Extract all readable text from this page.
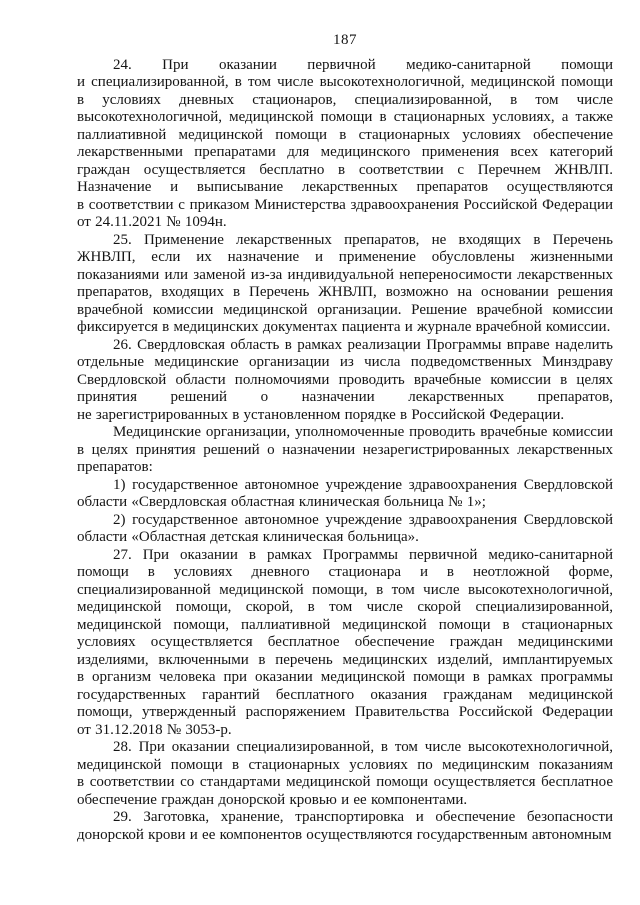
187

24. При оказании первичной медико-санитарной помощи и специализированной, в том числе высокотехнологичной, медицинской помощи в условиях дневных стационаров, специализированной, в том числе высокотехнологичной, медицинской помощи в стационарных условиях, а также паллиативной медицинской помощи в стационарных условиях обеспечение лекарственными препаратами для медицинского применения всех категорий граждан осуществляется бесплатно в соответствии с Перечнем ЖНВЛП. Назначение и выписывание лекарственных препаратов осуществляются в соответствии с приказом Министерства здравоохранения Российской Федерации от 24.11.2021 № 1094н.

25. Применение лекарственных препаратов, не входящих в Перечень ЖНВЛП, если их назначение и применение обусловлены жизненными показаниями или заменой из-за индивидуальной непереносимости лекарственных препаратов, входящих в Перечень ЖНВЛП, возможно на основании решения врачебной комиссии медицинской организации. Решение врачебной комиссии фиксируется в медицинских документах пациента и журнале врачебной комиссии.

26. Свердловская область в рамках реализации Программы вправе наделить отдельные медицинские организации из числа подведомственных Минздраву Свердловской области полномочиями проводить врачебные комиссии в целях принятия решений о назначении лекарственных препаратов, не зарегистрированных в установленном порядке в Российской Федерации.

Медицинские организации, уполномоченные проводить врачебные комиссии в целях принятия решений о назначении незарегистрированных лекарственных препаратов:

1) государственное автономное учреждение здравоохранения Свердловской области «Свердловская областная клиническая больница № 1»;

2) государственное автономное учреждение здравоохранения Свердловской области «Областная детская клиническая больница».

27. При оказании в рамках Программы первичной медико-санитарной помощи в условиях дневного стационара и в неотложной форме, специализированной медицинской помощи, в том числе высокотехнологичной, медицинской помощи, скорой, в том числе скорой специализированной, медицинской помощи, паллиативной медицинской помощи в стационарных условиях осуществляется бесплатное обеспечение граждан медицинскими изделиями, включенными в перечень медицинских изделий, имплантируемых в организм человека при оказании медицинской помощи в рамках программы государственных гарантий бесплатного оказания гражданам медицинской помощи, утвержденный распоряжением Правительства Российской Федерации от 31.12.2018 № 3053-р.

28. При оказании специализированной, в том числе высокотехнологичной, медицинской помощи в стационарных условиях по медицинским показаниям в соответствии со стандартами медицинской помощи осуществляется бесплатное обеспечение граждан донорской кровью и ее компонентами.

29. Заготовка, хранение, транспортировка и обеспечение безопасности донорской крови и ее компонентов осуществляются государственным автономным
